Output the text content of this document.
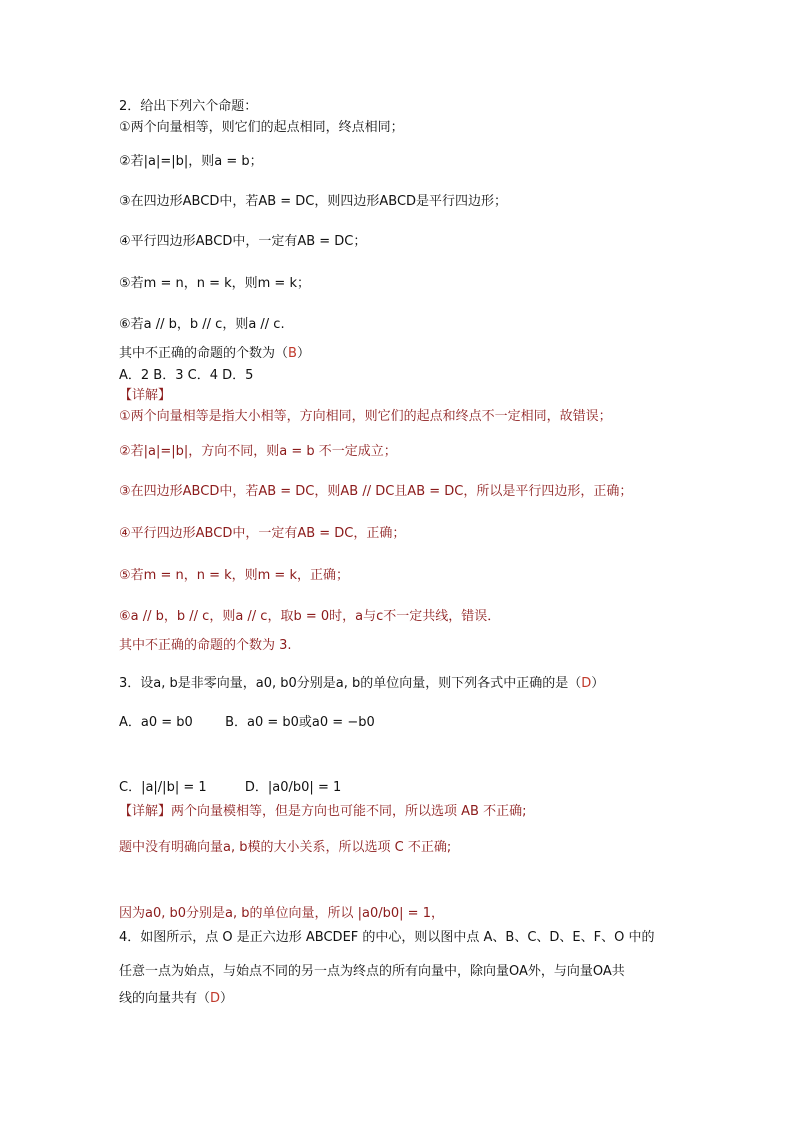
2．给出下列六个命题：
①两个向量相等，则它们的起点相同，终点相同；
②若|a|=|b|，则a = b；
③在四边形ABCD中，若AB = DC，则四边形ABCD是平行四边形；
④平行四边形ABCD中，一定有AB = DC；
⑤若m = n，n = k，则m = k；
⑥若a // b，b // c，则a // c.
其中不正确的命题的个数为（B）
A．2 B．3 C．4 D．5
【详解】
①两个向量相等是指大小相等，方向相同，则它们的起点和终点不一定相同，故错误；
②若|a|=|b|，方向不同，则a = b 不一定成立；
③在四边形ABCD中，若AB = DC，则AB // DC且AB = DC，所以是平行四边形，正确；
④平行四边形ABCD中，一定有AB = DC，正确；
⑤若m = n，n = k，则m = k，正确；
⑥a // b，b // c，则a // c，取b = 0时，a与c不一定共线，错误．
其中不正确的命题的个数为 3.
3．设a, b是非零向量，a0, b0分别是a, b的单位向量，则下列各式中正确的是（D）
A．a0 = b0 B．a0 = b0或a0 = −b0
C．|a|/|b| = 1	D．|a0/b0| = 1
【详解】两个向量模相等，但是方向也可能不同，所以选项 AB 不正确;
题中没有明确向量a, b模的大小关系，所以选项 C 不正确;
因为a0, b0分别是a, b的单位向量，所以 |a0/b0| = 1，
4．如图所示，点 O 是正六边形 ABCDEF 的中心，则以图中点 A、B、C、D、E、F、O 中的
任意一点为始点，与始点不同的另一点为终点的所有向量中，除向量OA外，与向量OA共
线的向量共有（D）
